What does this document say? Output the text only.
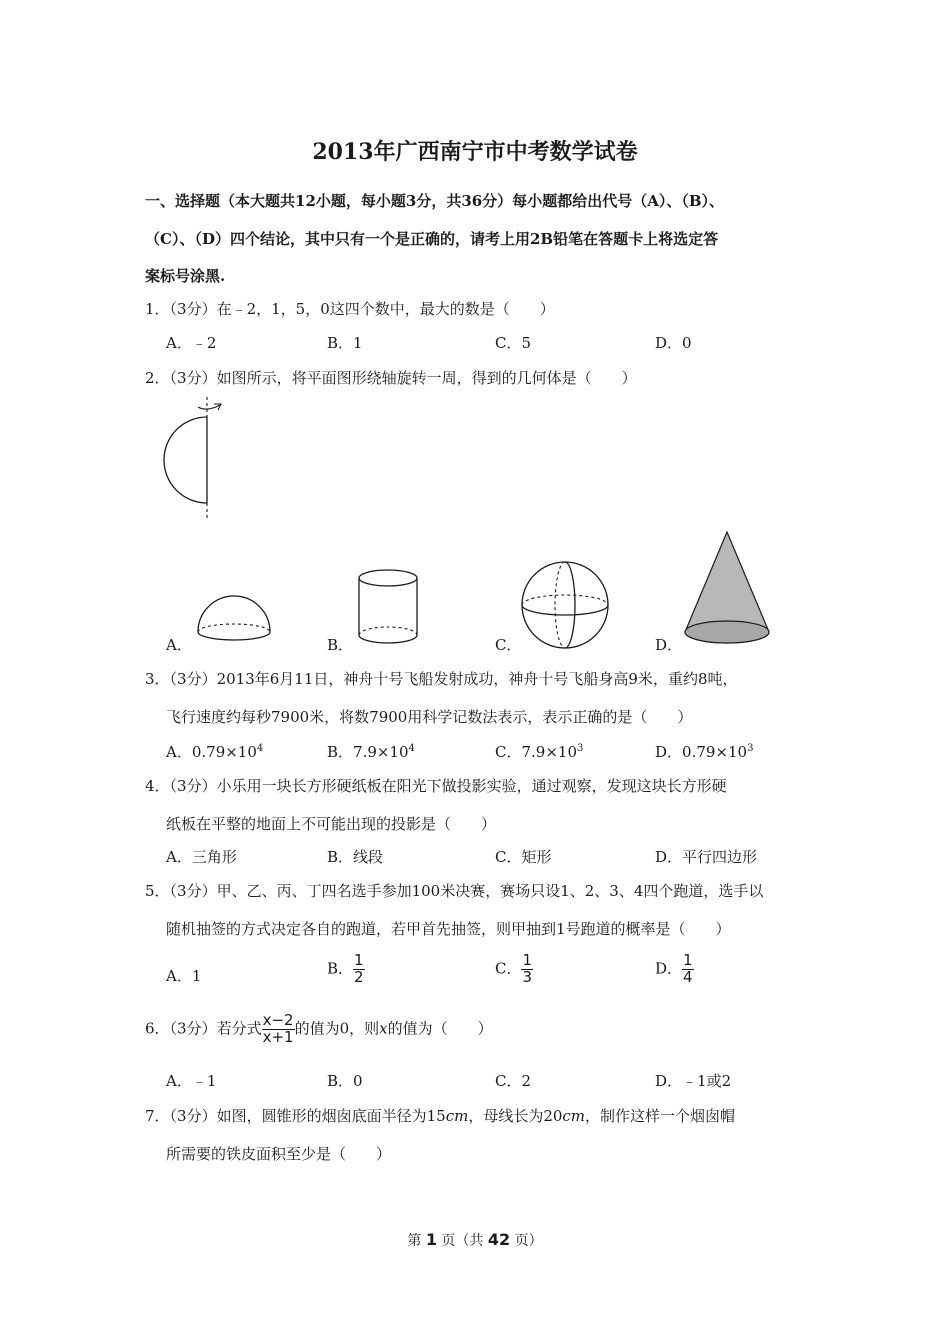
2013年广西南宁市中考数学试卷
一、选择题（本大题共12小题，每小题3分，共36分）每小题都给出代号（A）、（B）、
（C）、（D）四个结论，其中只有一个是正确的，请考上用2B铅笔在答题卡上将选定答
案标号涂黑.
1．（3分）在﹣2，1，5，0这四个数中，最大的数是（　　）
A．﹣2	B．1	C．5	D．0
2．（3分）如图所示，将平面图形绕轴旋转一周，得到的几何体是（　　）
A．	B．	C．	D．
3．（3分）2013年6月11日，神舟十号飞船发射成功，神舟十号飞船身高9米，重约8吨，
飞行速度约每秒7900米，将数7900用科学记数法表示，表示正确的是（　　）
A．$0.79\times 10^4$	B．$7.9\times 10^4$	C．$7.9\times 10^3$	D．$0.79\times 10^3$
4．（3分）小乐用一块长方形硬纸板在阳光下做投影实验，通过观察，发现这块长方形硬
纸板在平整的地面上不可能出现的投影是（　　）
A．三角形	B．线段	C．矩形	D．平行四边形
5．（3分）甲、乙、丙、丁四名选手参加100米决赛，赛场只设1、2、3、4四个跑道，选手以
随机抽签的方式决定各自的跑道，若甲首先抽签，则甲抽到1号跑道的概率是（　　）
A．1	B． $\frac{1}{2}$	C． $\frac{1}{3}$	D． $\frac{1}{4}$
6．（3分）若分式 $\frac{x-2}{x+1}$ 的值为0，则x的值为（　　）
A．﹣1	B．0	C．2	D．﹣1或2
7．（3分）如图，圆锥形的烟囱底面半径为15cm，母线长为20cm，制作这样一个烟囱帽
所需要的铁皮面积至少是（　　）
第 1 页（共 42 页）
